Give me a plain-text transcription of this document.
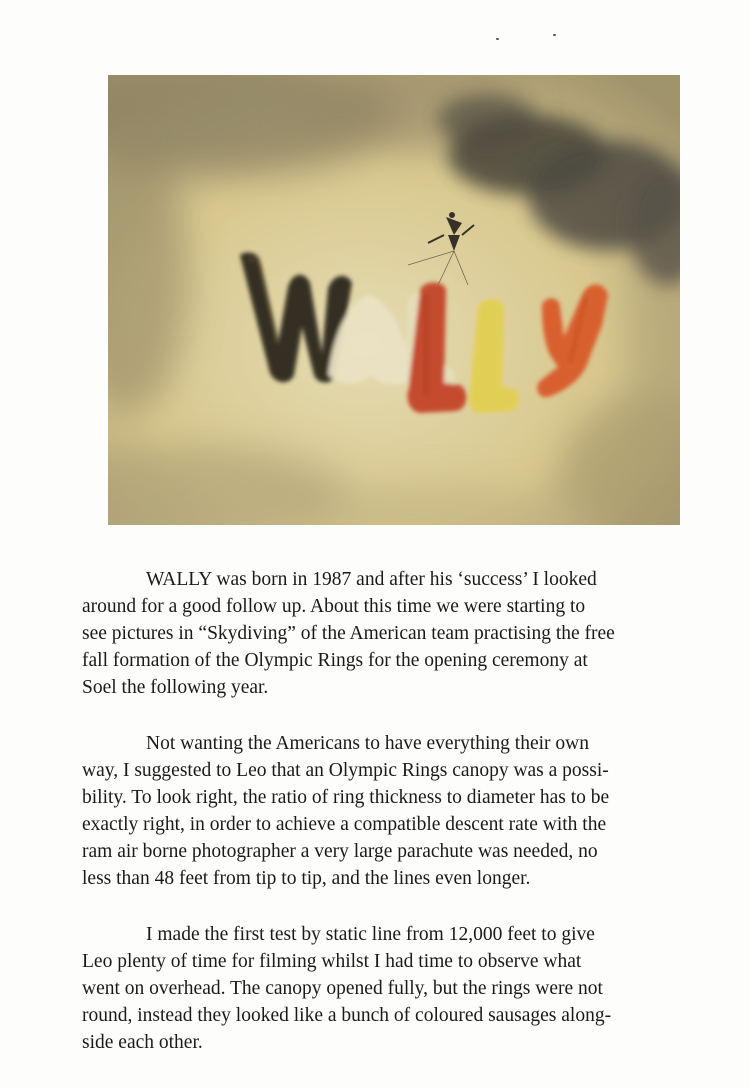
WALLY was born in 1987 and after his ‘success’ I looked
around for a good follow up. About this time we were starting to
see pictures in “Skydiving” of the American team practising the free
fall formation of the Olympic Rings for the opening ceremony at
Soel the following year.

Not wanting the Americans to have everything their own
way, I suggested to Leo that an Olympic Rings canopy was a possi-
bility. To look right, the ratio of ring thickness to diameter has to be
exactly right, in order to achieve a compatible descent rate with the
ram air borne photographer a very large parachute was needed, no
less than 48 feet from tip to tip, and the lines even longer.

I made the first test by static line from 12,000 feet to give
Leo plenty of time for filming whilst I had time to observe what
went on overhead. The canopy opened fully, but the rings were not
round, instead they looked like a bunch of coloured sausages along-
side each other.
